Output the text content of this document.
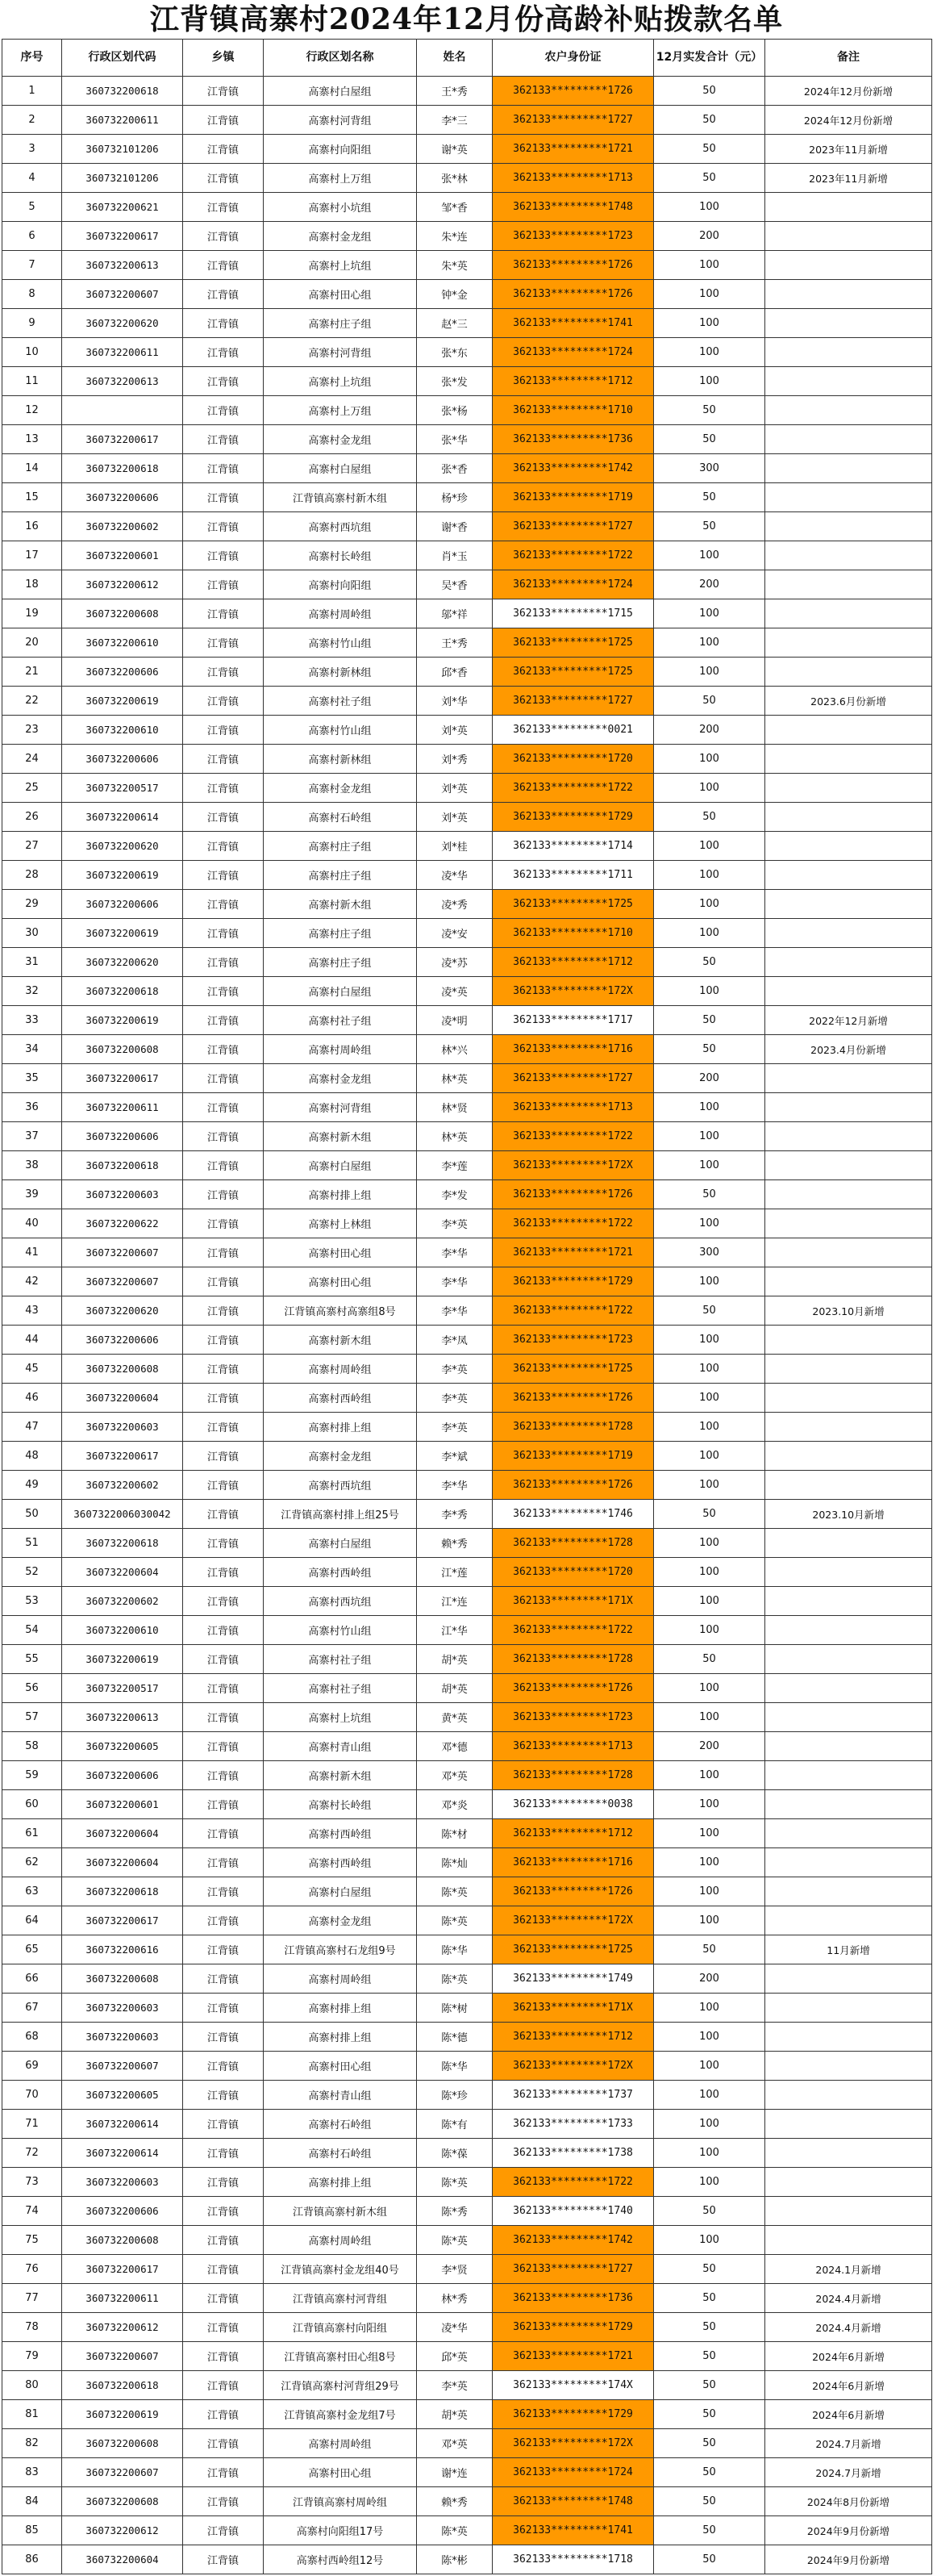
江背镇高寨村2024年12月份高龄补贴拨款名单
序号	行政区划代码	乡镇	行政区划名称	姓名	农户身份证	12月实发合计（元）	备注
1	360732200618	江背镇	高寨村白屋组	王*秀	362133*********1726	50	2024年12月份新增
2	360732200611	江背镇	高寨村河背组	李*三	362133*********1727	50	2024年12月份新增
3	360732101206	江背镇	高寨村向阳组	谢*英	362133*********1721	50	2023年11月新增
4	360732101206	江背镇	高寨村上万组	张*林	362133*********1713	50	2023年11月新增
5	360732200621	江背镇	高寨村小坑组	邹*香	362133*********1748	100	
6	360732200617	江背镇	高寨村金龙组	朱*连	362133*********1723	200	
7	360732200613	江背镇	高寨村上坑组	朱*英	362133*********1726	100	
8	360732200607	江背镇	高寨村田心组	钟*金	362133*********1726	100	
9	360732200620	江背镇	高寨村庄子组	赵*三	362133*********1741	100	
10	360732200611	江背镇	高寨村河背组	张*东	362133*********1724	100	
11	360732200613	江背镇	高寨村上坑组	张*发	362133*********1712	100	
12		江背镇	高寨村上万组	张*杨	362133*********1710	50	
13	360732200617	江背镇	高寨村金龙组	张*华	362133*********1736	50	
14	360732200618	江背镇	高寨村白屋组	张*香	362133*********1742	300	
15	360732200606	江背镇	江背镇高寨村新木组	杨*珍	362133*********1719	50	
16	360732200602	江背镇	高寨村西坑组	谢*香	362133*********1727	50	
17	360732200601	江背镇	高寨村长岭组	肖*玉	362133*********1722	100	
18	360732200612	江背镇	高寨村向阳组	吴*香	362133*********1724	200	
19	360732200608	江背镇	高寨村周岭组	邬*祥	362133*********1715	100	
20	360732200610	江背镇	高寨村竹山组	王*秀	362133*********1725	100	
21	360732200606	江背镇	高寨村新林组	邱*香	362133*********1725	100	
22	360732200619	江背镇	高寨村社子组	刘*华	362133*********1727	50	2023.6月份新增
23	360732200610	江背镇	高寨村竹山组	刘*英	362133*********0021	200	
24	360732200606	江背镇	高寨村新林组	刘*秀	362133*********1720	100	
25	360732200517	江背镇	高寨村金龙组	刘*英	362133*********1722	100	
26	360732200614	江背镇	高寨村石岭组	刘*英	362133*********1729	50	
27	360732200620	江背镇	高寨村庄子组	刘*桂	362133*********1714	100	
28	360732200619	江背镇	高寨村庄子组	凌*华	362133*********1711	100	
29	360732200606	江背镇	高寨村新木组	凌*秀	362133*********1725	100	
30	360732200619	江背镇	高寨村庄子组	凌*安	362133*********1710	100	
31	360732200620	江背镇	高寨村庄子组	凌*苏	362133*********1712	50	
32	360732200618	江背镇	高寨村白屋组	凌*英	362133*********172X	100	
33	360732200619	江背镇	高寨村社子组	凌*明	362133*********1717	50	2022年12月新增
34	360732200608	江背镇	高寨村周岭组	林*兴	362133*********1716	50	2023.4月份新增
35	360732200617	江背镇	高寨村金龙组	林*英	362133*********1727	200	
36	360732200611	江背镇	高寨村河背组	林*贤	362133*********1713	100	
37	360732200606	江背镇	高寨村新木组	林*英	362133*********1722	100	
38	360732200618	江背镇	高寨村白屋组	李*莲	362133*********172X	100	
39	360732200603	江背镇	高寨村排上组	李*发	362133*********1726	50	
40	360732200622	江背镇	高寨村上林组	李*英	362133*********1722	100	
41	360732200607	江背镇	高寨村田心组	李*华	362133*********1721	300	
42	360732200607	江背镇	高寨村田心组	李*华	362133*********1729	100	
43	360732200620	江背镇	江背镇高寨村高寨组8号	李*华	362133*********1722	50	2023.10月新增
44	360732200606	江背镇	高寨村新木组	李*凤	362133*********1723	100	
45	360732200608	江背镇	高寨村周岭组	李*英	362133*********1725	100	
46	360732200604	江背镇	高寨村西岭组	李*英	362133*********1726	100	
47	360732200603	江背镇	高寨村排上组	李*英	362133*********1728	100	
48	360732200617	江背镇	高寨村金龙组	李*斌	362133*********1719	100	
49	360732200602	江背镇	高寨村西坑组	李*华	362133*********1726	100	
50	3607322006030042	江背镇	江背镇高寨村排上组25号	李*秀	362133*********1746	50	2023.10月新增
51	360732200618	江背镇	高寨村白屋组	赖*秀	362133*********1728	100	
52	360732200604	江背镇	高寨村西岭组	江*莲	362133*********1720	100	
53	360732200602	江背镇	高寨村西坑组	江*连	362133*********171X	100	
54	360732200610	江背镇	高寨村竹山组	江*华	362133*********1722	100	
55	360732200619	江背镇	高寨村社子组	胡*英	362133*********1728	50	
56	360732200517	江背镇	高寨村社子组	胡*英	362133*********1726	100	
57	360732200613	江背镇	高寨村上坑组	黄*英	362133*********1723	100	
58	360732200605	江背镇	高寨村青山组	邓*德	362133*********1713	200	
59	360732200606	江背镇	高寨村新木组	邓*英	362133*********1728	100	
60	360732200601	江背镇	高寨村长岭组	邓*炎	362133*********0038	100	
61	360732200604	江背镇	高寨村西岭组	陈*材	362133*********1712	100	
62	360732200604	江背镇	高寨村西岭组	陈*灿	362133*********1716	100	
63	360732200618	江背镇	高寨村白屋组	陈*英	362133*********1726	100	
64	360732200617	江背镇	高寨村金龙组	陈*英	362133*********172X	100	
65	360732200616	江背镇	江背镇高寨村石龙组9号	陈*华	362133*********1725	50	11月新增
66	360732200608	江背镇	高寨村周岭组	陈*英	362133*********1749	200	
67	360732200603	江背镇	高寨村排上组	陈*树	362133*********171X	100	
68	360732200603	江背镇	高寨村排上组	陈*德	362133*********1712	100	
69	360732200607	江背镇	高寨村田心组	陈*华	362133*********172X	100	
70	360732200605	江背镇	高寨村青山组	陈*珍	362133*********1737	100	
71	360732200614	江背镇	高寨村石岭组	陈*有	362133*********1733	100	
72	360732200614	江背镇	高寨村石岭组	陈*葆	362133*********1738	100	
73	360732200603	江背镇	高寨村排上组	陈*英	362133*********1722	100	
74	360732200606	江背镇	江背镇高寨村新木组	陈*秀	362133*********1740	50	
75	360732200608	江背镇	高寨村周岭组	陈*英	362133*********1742	100	
76	360732200617	江背镇	江背镇高寨村金龙组40号	李*贤	362133*********1727	50	2024.1月新增
77	360732200611	江背镇	江背镇高寨村河背组	林*秀	362133*********1736	50	2024.4月新增
78	360732200612	江背镇	江背镇高寨村向阳组	凌*华	362133*********1729	50	2024.4月新增
79	360732200607	江背镇	江背镇高寨村田心组8号	邱*英	362133*********1721	50	2024年6月新增
80	360732200618	江背镇	江背镇高寨村河背组29号	李*英	362133*********174X	50	2024年6月新增
81	360732200619	江背镇	江背镇高寨村金龙组7号	胡*英	362133*********1729	50	2024年6月新增
82	360732200608	江背镇	高寨村周岭组	邓*英	362133*********172X	50	2024.7月新增
83	360732200607	江背镇	高寨村田心组	谢*连	362133*********1724	50	2024.7月新增
84	360732200608	江背镇	江背镇高寨村周岭组	赖*秀	362133*********1748	50	2024年8月份新增
85	360732200612	江背镇	高寨村向阳组17号	陈*英	362133*********1741	50	2024年9月份新增
86	360732200604	江背镇	高寨村西岭组12号	陈*彬	362133*********1718	50	2024年9月份新增
